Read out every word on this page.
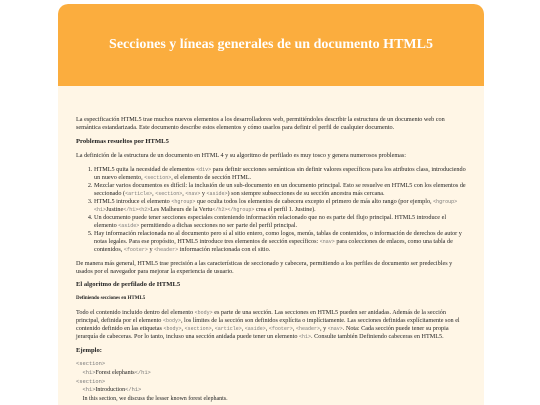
Secciones y líneas generales de un documento HTML5

La especificación HTML5 trae muchos nuevos elementos a los desarrolladores web, permitiéndoles describir la estructura de un documento web con semántica estandarizada. Este documento describe estos elementos y cómo usarlos para definir el perfil de cualquier documento.

Problemas resueltos por HTML5

La definición de la estructura de un documento en HTML 4 y su algoritmo de perfilado es muy tosco y genera numerosos problemas:

1. HTML5 quita la necesidad de elementos <div> para definir secciones semánticas sin definir valores específicos para los atributos class, introduciendo un nuevo elemento, <section>, el elemento de sección HTML.
2. Mezclar varios documentos es difícil: la inclusión de un sub-documento en un documento principal. Esto se resuelve en HTML5 con los elementos de seccionado (<article>, <section>, <nav> y <aside>) son siempre subsecciones de su sección ancestra más cercana.
3. HTML5 introduce el elemento <hgroup> que oculta todos los elementos de cabecera excepto el primero de más alto rango (por ejemplo, <hgroup><h1>Justine</h1><h2>Les Malheurs de la Vertu</h2></hgroup> crea el perfil 1. Justine).
4. Un documento puede tener secciones especiales conteniendo información relacionado que no es parte del flujo principal. HTML5 introduce el elemento <aside> permitiendo a dichas secciones no ser parte del perfil principal.
5. Hay información relacionada no al documento pero sí al sitio entero, como logos, menús, tablas de contenidos, o información de derechos de autor y notas legales. Para ese propósito, HTML5 introduce tres elementos de sección específicos: <nav> para colecciones de enlaces, como una tabla de contenidos, <footer> y <header> información relacionada con el sitio.

De manera más general, HTML5 trae precisión a las características de seccionado y cabecera, permitiendo a los perfiles de documento ser predecibles y usados por el navegador para mejorar la experiencia de usuario.

El algoritmo de perfilado de HTML5
Definiendo secciones en HTML5

Todo el contenido incluido dentro del elemento <body> es parte de una sección. Las secciones en HTML5 pueden ser anidadas. Además de la sección principal, definida por el elemento <body>, los límites de la sección son definidos explícita o implícitamente. Las secciones definidas explícitamente son el contenido definido en las etiquetas <body>, <section>, <article>, <aside>, <footer>, <header>, y <nav>. Nota: Cada sección puede tener su propia jerarquía de cabeceras. Por lo tanto, incluso una sección anidada puede tener un elemento <h1>. Consulte también Definiendo cabeceras en HTML5.

Ejemplo:
<section>
<h1>Forest elephants</h1>
<section>
<h1>Introduction</h1>
In this section, we discuss the lesser known forest elephants.
